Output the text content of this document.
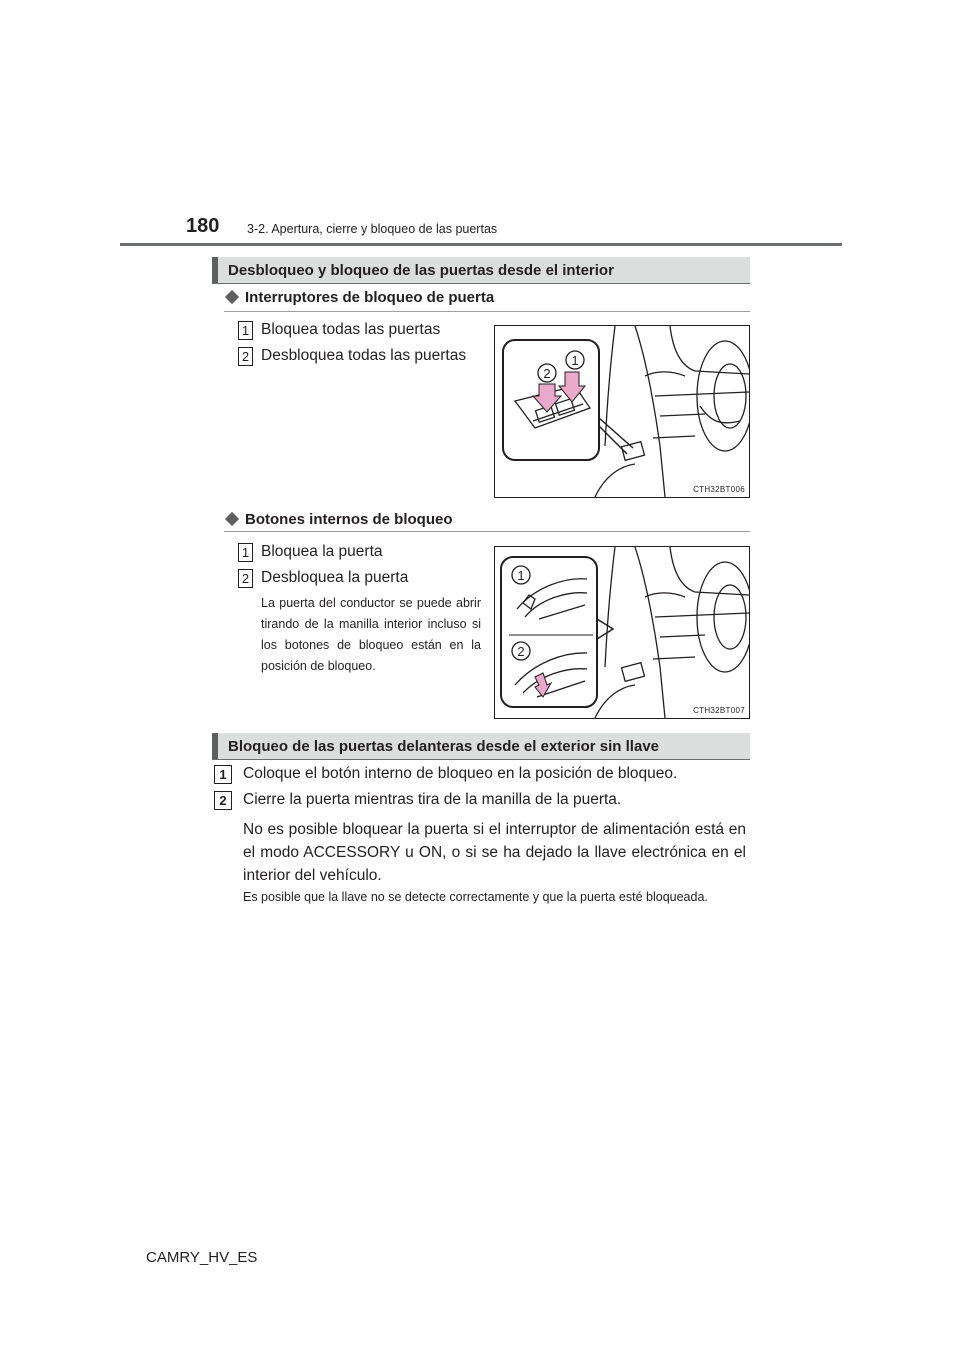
180 3-2. Apertura, cierre y bloqueo de las puertas
Desbloqueo y bloqueo de las puertas desde el interior
Interruptores de bloqueo de puerta
1 Bloquea todas las puertas
2 Desbloquea todas las puertas
2
1
CTH32BT006
Botones internos de bloqueo
1 Bloquea la puerta
2 Desbloquea la puerta
La puerta del conductor se puede abrir tirando de la manilla interior incluso si los botones de bloqueo están en la posición de bloqueo.
1
2
CTH32BT007
Bloqueo de las puertas delanteras desde el exterior sin llave
1	Coloque el botón interno de bloqueo en la posición de bloqueo.
2	Cierre la puerta mientras tira de la manilla de la puerta.
No es posible bloquear la puerta si el interruptor de alimentación está en el modo ACCESSORY u ON, o si se ha dejado la llave electrónica en el interior del vehículo.
Es posible que la llave no se detecte correctamente y que la puerta esté bloqueada.
CAMRY_HV_ES
